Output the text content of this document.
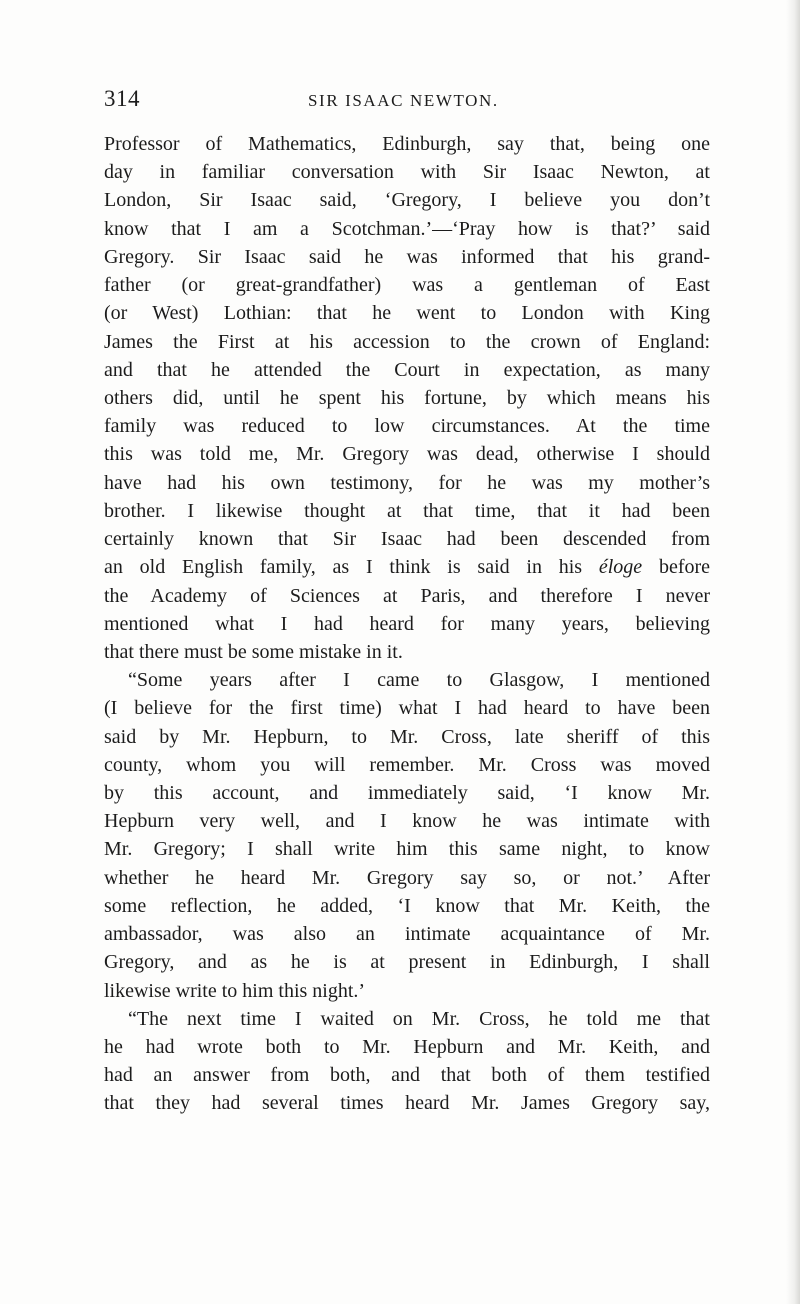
314	SIR ISAAC NEWTON.
Professor of Mathematics, Edinburgh, say that, being one
day in familiar conversation with Sir Isaac Newton, at
London, Sir Isaac said, ‘Gregory, I believe you don’t
know that I am a Scotchman.’—‘Pray how is that?’ said
Gregory. Sir Isaac said he was informed that his grand-
father (or great-grandfather) was a gentleman of East
(or West) Lothian: that he went to London with King
James the First at his accession to the crown of England:
and that he attended the Court in expectation, as many
others did, until he spent his fortune, by which means his
family was reduced to low circumstances. At the time
this was told me, Mr. Gregory was dead, otherwise I should
have had his own testimony, for he was my mother’s
brother. I likewise thought at that time, that it had been
certainly known that Sir Isaac had been descended from
an old English family, as I think is said in his éloge before
the Academy of Sciences at Paris, and therefore I never
mentioned what I had heard for many years, believing
that there must be some mistake in it.
“Some years after I came to Glasgow, I mentioned
(I believe for the first time) what I had heard to have been
said by Mr. Hepburn, to Mr. Cross, late sheriff of this
county, whom you will remember. Mr. Cross was moved
by this account, and immediately said, ‘I know Mr.
Hepburn very well, and I know he was intimate with
Mr. Gregory; I shall write him this same night, to know
whether he heard Mr. Gregory say so, or not.’ After
some reflection, he added, ‘I know that Mr. Keith, the
ambassador, was also an intimate acquaintance of Mr.
Gregory, and as he is at present in Edinburgh, I shall
likewise write to him this night.’
“The next time I waited on Mr. Cross, he told me that
he had wrote both to Mr. Hepburn and Mr. Keith, and
had an answer from both, and that both of them testified
that they had several times heard Mr. James Gregory say,
